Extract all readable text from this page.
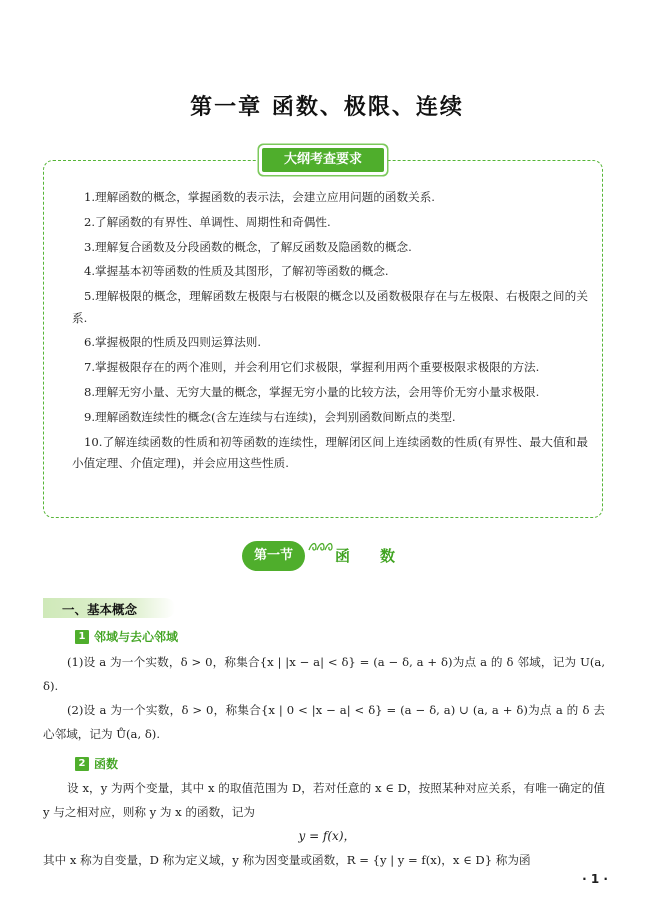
第一章 函数、极限、连续
大纲考查要求

1.理解函数的概念，掌握函数的表示法，会建立应用问题的函数关系.

2.了解函数的有界性、单调性、周期性和奇偶性.

3.理解复合函数及分段函数的概念，了解反函数及隐函数的概念.

4.掌握基本初等函数的性质及其图形，了解初等函数的概念.

5.理解极限的概念，理解函数左极限与右极限的概念以及函数极限存在与左极限、右极限之间的关系.

6.掌握极限的性质及四则运算法则.

7.掌握极限存在的两个准则，并会利用它们求极限，掌握利用两个重要极限求极限的方法.

8.理解无穷小量、无穷大量的概念，掌握无穷小量的比较方法，会用等价无穷小量求极限.

9.理解函数连续性的概念(含左连续与右连续)，会判别函数间断点的类型.

10.了解连续函数的性质和初等函数的连续性，理解闭区间上连续函数的性质(有界性、最大值和最小值定理、介值定理)，并会应用这些性质.

第一节	函 数
一、基本概念
1 邻域与去心邻域
(1)设 a 为一个实数，δ > 0，称集合{x | |x − a| < δ} = (a − δ, a + δ)为点 a 的 δ 邻域，记为 U(a, δ).
(2)设 a 为一个实数，δ > 0，称集合{x | 0 < |x − a| < δ} = (a − δ, a) ∪ (a, a + δ)为点 a 的 δ 去心邻域，记为 Ů(a, δ).
2 函数
设 x，y 为两个变量，其中 x 的取值范围为 D，若对任意的 x ∈ D，按照某种对应关系，有唯一确定的值 y 与之相对应，则称 y 为 x 的函数，记为
y = f(x)，
其中 x 称为自变量，D 称为定义域，y 称为因变量或函数，R = {y | y = f(x)，x ∈ D} 称为函
· 1 ·
